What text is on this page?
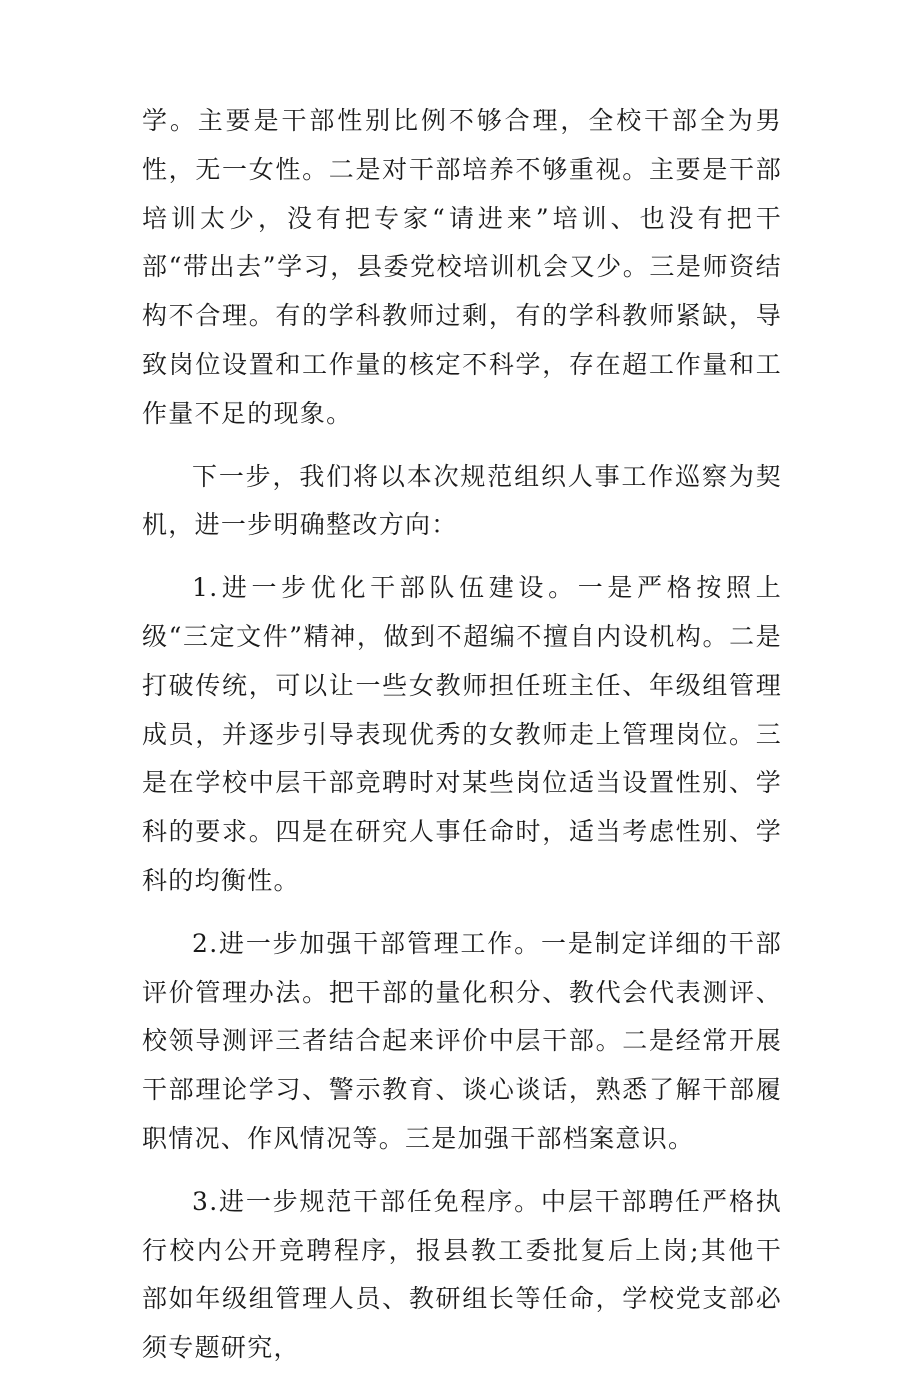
学。主要是干部性别比例不够合理，全校干部全为男性，无一女性。二是对干部培养不够重视。主要是干部培训太少，没有把专家“请进来”培训、也没有把干部“带出去”学习，县委党校培训机会又少。三是师资结构不合理。有的学科教师过剩，有的学科教师紧缺，导致岗位设置和工作量的核定不科学，存在超工作量和工作量不足的现象。

下一步，我们将以本次规范组织人事工作巡察为契机，进一步明确整改方向：

1.进一步优化干部队伍建设。一是严格按照上级“三定文件”精神，做到不超编不擅自内设机构。二是打破传统，可以让一些女教师担任班主任、年级组管理成员，并逐步引导表现优秀的女教师走上管理岗位。三是在学校中层干部竞聘时对某些岗位适当设置性别、学科的要求。四是在研究人事任命时，适当考虑性别、学科的均衡性。

2.进一步加强干部管理工作。一是制定详细的干部评价管理办法。把干部的量化积分、教代会代表测评、校领导测评三者结合起来评价中层干部。二是经常开展干部理论学习、警示教育、谈心谈话，熟悉了解干部履职情况、作风情况等。三是加强干部档案意识。

3.进一步规范干部任免程序。中层干部聘任严格执行校内公开竞聘程序，报县教工委批复后上岗;其他干部如年级组管理人员、教研组长等任命，学校党支部必须专题研究，
